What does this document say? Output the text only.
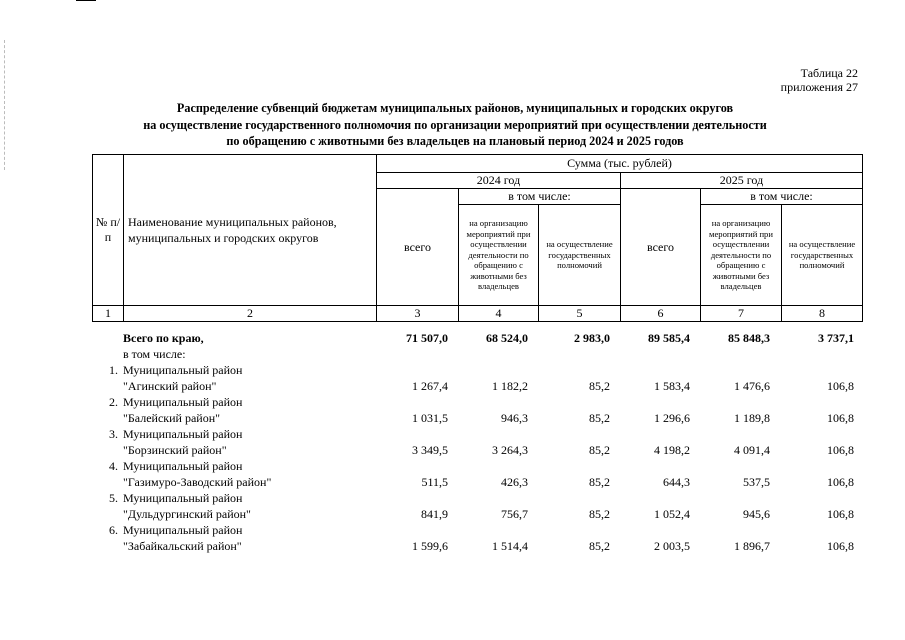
Таблица 22
приложения 27
Распределение субвенций бюджетам муниципальных районов, муниципальных и городских округов
на осуществление государственного полномочия по организации мероприятий при осуществлении деятельности
по обращению с животными без владельцев на плановый период 2024 и 2025 годов
№ п/п	Наименование муниципальных районов, муниципальных и городских округов	Сумма (тыс. рублей)					
		2024 год			2025 год		
		всего	в том числе:		всего	в том числе:	
			на организацию мероприятий при осуществлении деятельности по обращению с животными без владельцев	на осуществление государственных полномочий		на организацию мероприятий при осуществлении деятельности по обращению с животными без владельцев	на осуществление государственных полномочий
1	2	3	4	5	6	7	8
Всего по краю,	71 507,0	68 524,0	2 983,0	89 585,4	85 848,3	3 737,1
в том числе:
1. Муниципальный район
"Агинский район"	1 267,4	1 182,2	85,2	1 583,4	1 476,6	106,8
2. Муниципальный район
"Балейский район"	1 031,5	946,3	85,2	1 296,6	1 189,8	106,8
3. Муниципальный район
"Борзинский район"	3 349,5	3 264,3	85,2	4 198,2	4 091,4	106,8
4. Муниципальный район
"Газимуро-Заводский район"	511,5	426,3	85,2	644,3	537,5	106,8
5. Муниципальный район
"Дульдургинский район"	841,9	756,7	85,2	1 052,4	945,6	106,8
6. Муниципальный район
"Забайкальский район"	1 599,6	1 514,4	85,2	2 003,5	1 896,7	106,8
